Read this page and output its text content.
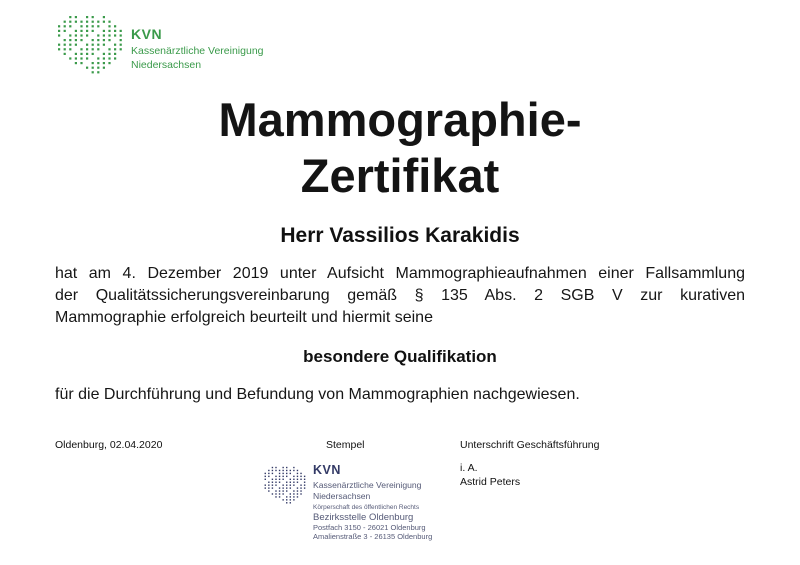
KVN
Kassenärztliche Vereinigung
Niedersachsen
Mammographie-
Zertifikat
Herr Vassilios Karakidis
hat am 4. Dezember 2019 unter Aufsicht Mammographieaufnahmen einer Fallsammlung
der Qualitätssicherungsvereinbarung gemäß § 135 Abs. 2 SGB V zur kurativen
Mammographie erfolgreich beurteilt und hiermit seine
besondere Qualifikation
für die Durchführung und Befundung von Mammographien nachgewiesen.
Oldenburg, 02.04.2020	Stempel	Unterschrift Geschäftsführung
i. A.
Astrid Peters
KVN
Kassenärztliche Vereinigung
Niedersachsen
Körperschaft des öffentlichen Rechts
Bezirksstelle Oldenburg
Postfach 3150 - 26021 Oldenburg
Amalienstraße 3 - 26135 Oldenburg
